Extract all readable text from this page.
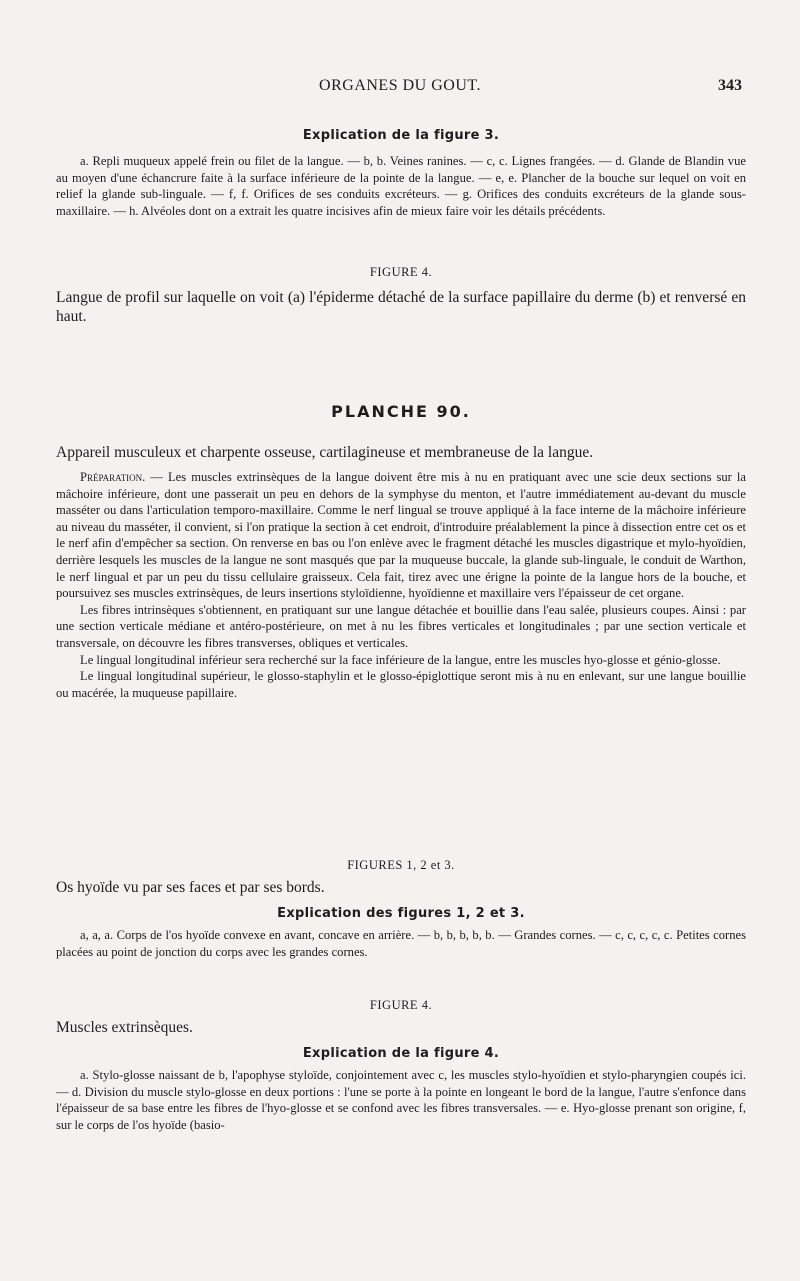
ORGANES DU GOUT.	343
Explication de la figure 3.

a. Repli muqueux appelé frein ou filet de la langue. — b, b. Veines ranines. — c, c. Lignes frangées. — d. Glande de Blandin vue au moyen d'une échancrure faite à la surface inférieure de la pointe de la langue. — e, e. Plancher de la bouche sur lequel on voit en relief la glande sub-linguale. — f, f. Orifices de ses conduits excréteurs. — g. Orifices des conduits excréteurs de la glande sous-maxillaire. — h. Alvéoles dont on a extrait les quatre incisives afin de mieux faire voir les détails précédents.

FIGURE 4.

Langue de profil sur laquelle on voit (a) l'épiderme détaché de la surface papillaire du derme (b) et renversé en haut.

PLANCHE 90.

Appareil musculeux et charpente osseuse, cartilagineuse et membraneuse de la langue.

Préparation. — Les muscles extrinsèques de la langue doivent être mis à nu en pratiquant avec une scie deux sections sur la mâchoire inférieure, dont une passerait un peu en dehors de la symphyse du menton, et l'autre immédiatement au-devant du muscle masséter ou dans l'articulation temporo-maxillaire. Comme le nerf lingual se trouve appliqué à la face interne de la mâchoire inférieure au niveau du masséter, il convient, si l'on pratique la section à cet endroit, d'introduire préalablement la pince à dissection entre cet os et le nerf afin d'empêcher sa section. On renverse en bas ou l'on enlève avec le fragment détaché les muscles digastrique et mylo-hyoïdien, derrière lesquels les muscles de la langue ne sont masqués que par la muqueuse buccale, la glande sub-linguale, le conduit de Warthon, le nerf lingual et par un peu du tissu cellulaire graisseux. Cela fait, tirez avec une érigne la pointe de la langue hors de la bouche, et poursuivez ses muscles extrinsèques, de leurs insertions styloïdienne, hyoïdienne et maxillaire vers l'épaisseur de cet organe.

Les fibres intrinsèques s'obtiennent, en pratiquant sur une langue détachée et bouillie dans l'eau salée, plusieurs coupes. Ainsi : par une section verticale médiane et antéro-postérieure, on met à nu les fibres verticales et longitudinales ; par une section verticale et transversale, on découvre les fibres transverses, obliques et verticales.

Le lingual longitudinal inférieur sera recherché sur la face inférieure de la langue, entre les muscles hyo-glosse et génio-glosse.

Le lingual longitudinal supérieur, le glosso-staphylin et le glosso-épiglottique seront mis à nu en enlevant, sur une langue bouillie ou macérée, la muqueuse papillaire.

FIGURES 1, 2 et 3.

Os hyoïde vu par ses faces et par ses bords.

Explication des figures 1, 2 et 3.

a, a, a. Corps de l'os hyoïde convexe en avant, concave en arrière. — b, b, b, b, b. — Grandes cornes. — c, c, c, c, c. Petites cornes placées au point de jonction du corps avec les grandes cornes.

FIGURE 4.

Muscles extrinsèques.

Explication de la figure 4.

a. Stylo-glosse naissant de b, l'apophyse styloïde, conjointement avec c, les muscles stylo-hyoïdien et stylo-pharyngien coupés ici. — d. Division du muscle stylo-glosse en deux portions : l'une se porte à la pointe en longeant le bord de la langue, l'autre s'enfonce dans l'épaisseur de sa base entre les fibres de l'hyo-glosse et se confond avec les fibres transversales. — e. Hyo-glosse prenant son origine, f, sur le corps de l'os hyoïde (basio-
